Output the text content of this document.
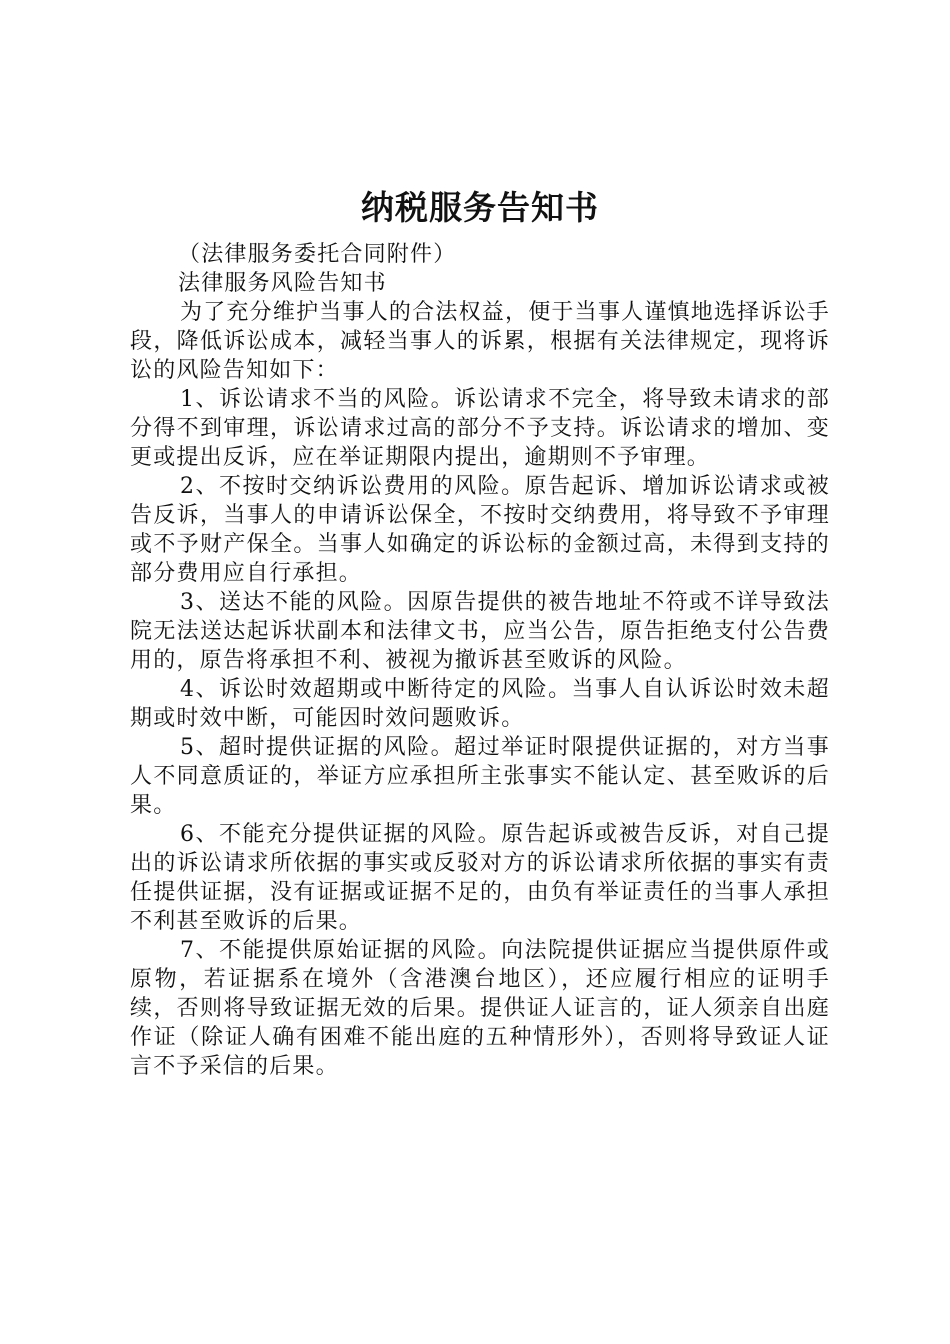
纳税服务告知书

（法律服务委托合同附件）

法律服务风险告知书

为了充分维护当事人的合法权益，便于当事人谨慎地选择诉讼手段，降低诉讼成本，减轻当事人的诉累，根据有关法律规定，现将诉讼的风险告知如下：

1、诉讼请求不当的风险。诉讼请求不完全，将导致未请求的部分得不到审理，诉讼请求过高的部分不予支持。诉讼请求的增加、变更或提出反诉，应在举证期限内提出，逾期则不予审理。

2、不按时交纳诉讼费用的风险。原告起诉、增加诉讼请求或被告反诉，当事人的申请诉讼保全，不按时交纳费用，将导致不予审理或不予财产保全。当事人如确定的诉讼标的金额过高，未得到支持的部分费用应自行承担。

3、送达不能的风险。因原告提供的被告地址不符或不详导致法院无法送达起诉状副本和法律文书，应当公告，原告拒绝支付公告费用的，原告将承担不利、被视为撤诉甚至败诉的风险。

4、诉讼时效超期或中断待定的风险。当事人自认诉讼时效未超期或时效中断，可能因时效问题败诉。

5、超时提供证据的风险。超过举证时限提供证据的，对方当事人不同意质证的，举证方应承担所主张事实不能认定、甚至败诉的后果。

6、不能充分提供证据的风险。原告起诉或被告反诉，对自己提出的诉讼请求所依据的事实或反驳对方的诉讼请求所依据的事实有责任提供证据，没有证据或证据不足的，由负有举证责任的当事人承担不利甚至败诉的后果。

7、不能提供原始证据的风险。向法院提供证据应当提供原件或原物，若证据系在境外（含港澳台地区），还应履行相应的证明手续，否则将导致证据无效的后果。提供证人证言的，证人须亲自出庭作证（除证人确有困难不能出庭的五种情形外），否则将导致证人证言不予采信的后果。
